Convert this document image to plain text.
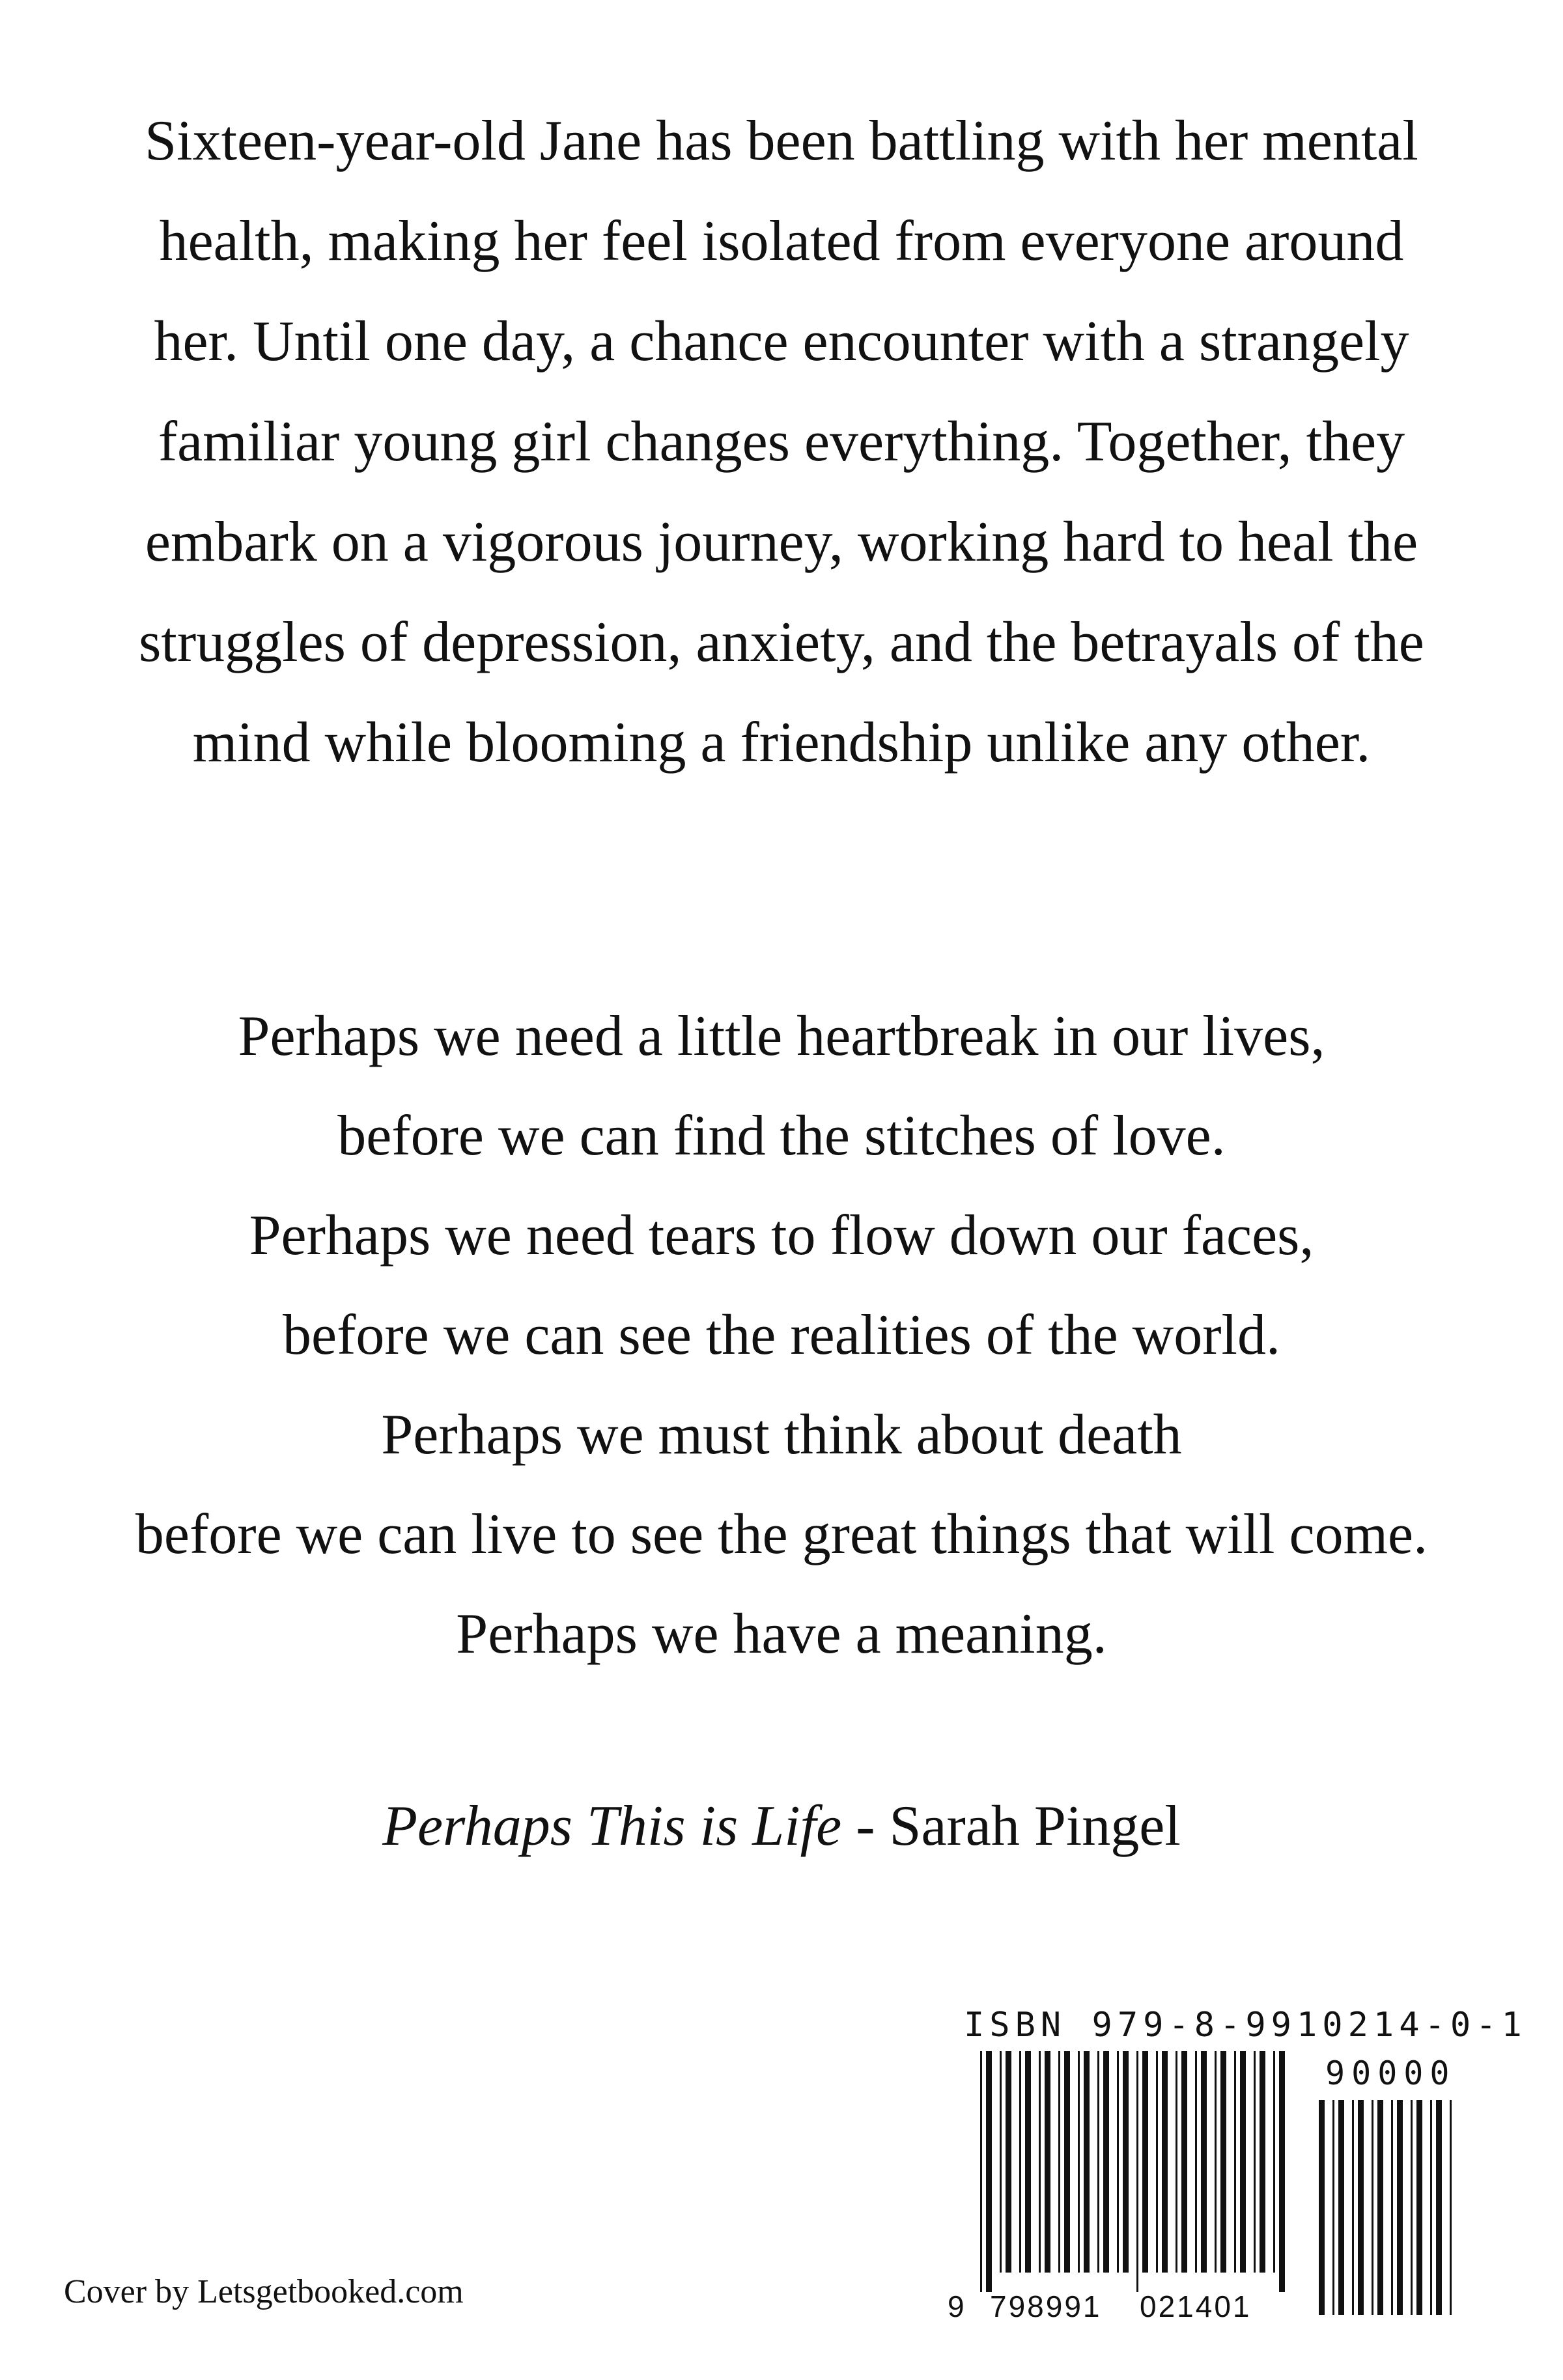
Sixteen-year-old Jane has been battling with her mental
health, making her feel isolated from everyone around
her. Until one day, a chance encounter with a strangely
familiar young girl changes everything. Together, they
embark on a vigorous journey, working hard to heal the
struggles of depression, anxiety, and the betrayals of the
mind while blooming a friendship unlike any other.
Perhaps we need a little heartbreak in our lives,
before we can find the stitches of love.
Perhaps we need tears to flow down our faces,
before we can see the realities of the world.
Perhaps we must think about death
before we can live to see the great things that will come.
Perhaps we have a meaning.
Perhaps This is Life - Sarah Pingel
ISBN 979-8-9910214-0-1
90000
9 798991 021401
Cover by Letsgetbooked.com
